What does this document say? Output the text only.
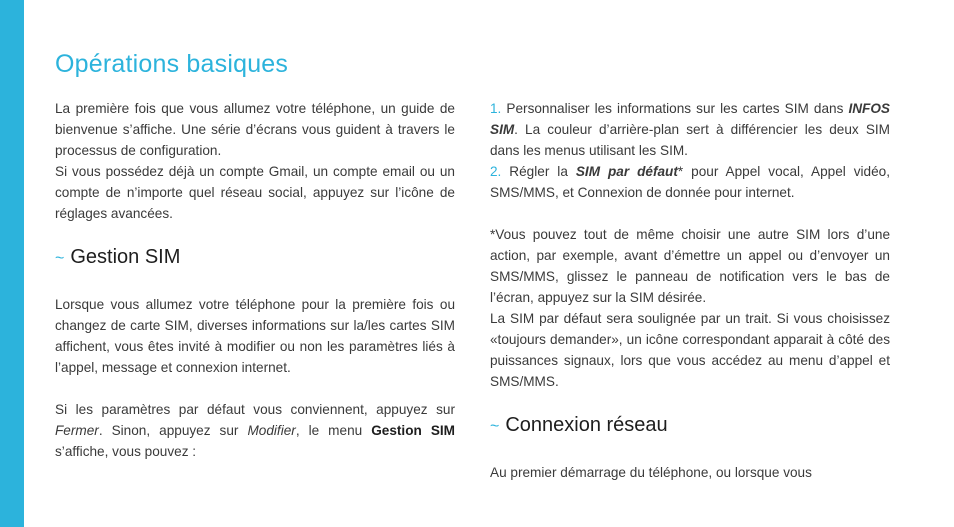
Opérations basiques

La première fois que vous allumez votre téléphone, un guide de bienvenue s’affiche. Une série d’écrans vous guident à travers le processus de configuration.

Si vous possédez déjà un compte Gmail, un compte email ou un compte de n’importe quel réseau social, appuyez sur l’icône de réglages avancées.

~ Gestion SIM

Lorsque vous allumez votre téléphone pour la première fois ou changez de carte SIM, diverses informations sur la/les cartes SIM affichent, vous êtes invité à modifier ou non les paramètres liés à l’appel, message et connexion internet.

Si les paramètres par défaut vous conviennent, appuyez sur Fermer. Sinon, appuyez sur Modifier, le menu Gestion SIM s’affiche, vous pouvez :

1. Personnaliser les informations sur les cartes SIM dans INFOS SIM. La couleur d’arrière-plan sert à différencier les deux SIM dans les menus utilisant les SIM.

2. Régler la SIM par défaut* pour Appel vocal, Appel vidéo, SMS/MMS, et Connexion de donnée pour internet.

*Vous pouvez tout de même choisir une autre SIM lors d’une action, par exemple, avant d’émettre un appel ou d’envoyer un SMS/MMS, glissez le panneau de notification vers le bas de l’écran, appuyez sur la SIM désirée.

La SIM par défaut sera soulignée par un trait. Si vous choisissez «toujours demander», un icône correspondant apparait à côté des puissances signaux, lors que vous accédez au menu d’appel et SMS/MMS.

~ Connexion réseau

Au premier démarrage du téléphone, ou lorsque vous
